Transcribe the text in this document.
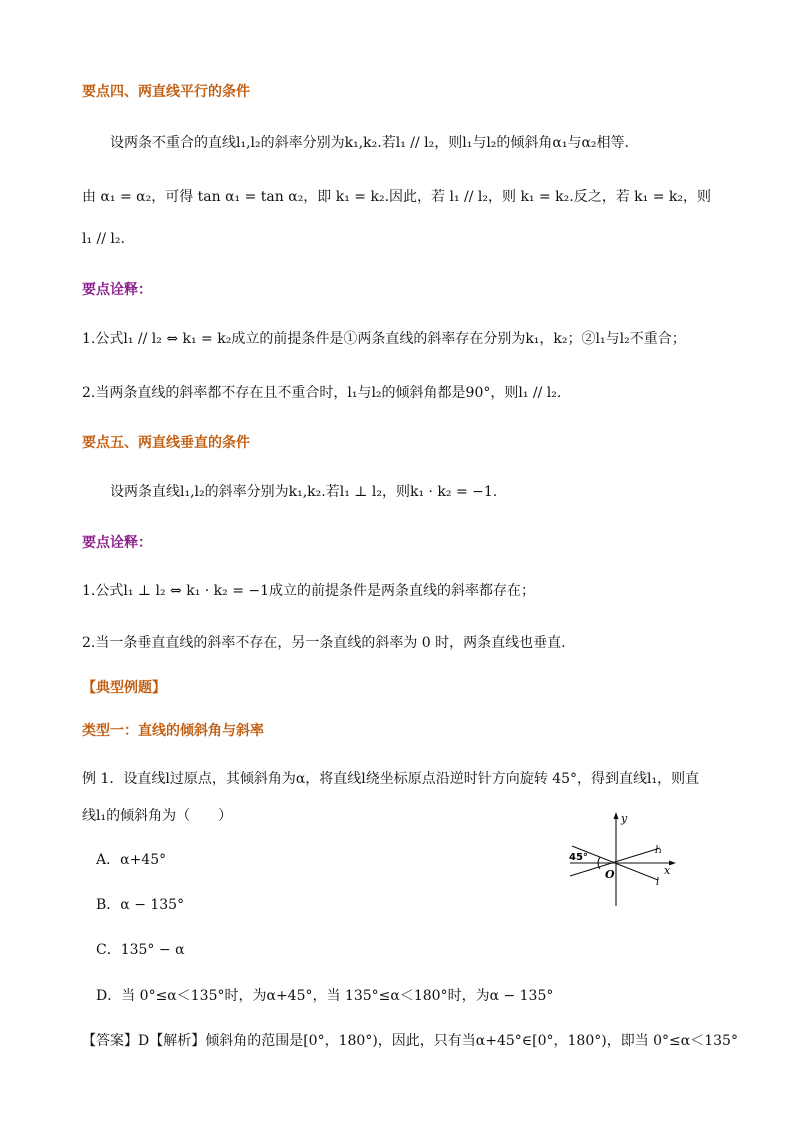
要点四、两直线平行的条件
设两条不重合的直线l₁,l₂的斜率分别为k₁,k₂.若l₁ // l₂，则l₁与l₂的倾斜角α₁与α₂相等.
由 α₁ = α₂，可得 tan α₁ = tan α₂，即 k₁ = k₂.因此，若 l₁ // l₂，则 k₁ = k₂.反之，若 k₁ = k₂，则
l₁ // l₂.
要点诠释：
1.公式l₁ // l₂ ⇔ k₁ = k₂成立的前提条件是①两条直线的斜率存在分别为k₁，k₂；②l₁与l₂不重合；
2.当两条直线的斜率都不存在且不重合时，l₁与l₂的倾斜角都是90°，则l₁ // l₂.
要点五、两直线垂直的条件
设两条直线l₁,l₂的斜率分别为k₁,k₂.若l₁ ⊥ l₂，则k₁ · k₂ = −1.
要点诠释：
1.公式l₁ ⊥ l₂ ⇔ k₁ · k₂ = −1成立的前提条件是两条直线的斜率都存在；
2.当一条垂直直线的斜率不存在，另一条直线的斜率为 0 时，两条直线也垂直.
【典型例题】
类型一：直线的倾斜角与斜率
例 1．设直线l过原点，其倾斜角为α，将直线l绕坐标原点沿逆时针方向旋转 45°，得到直线l₁，则直
线l₁的倾斜角为（　　）
A．α+45°
B．α − 135°
C．135° − α
D．当 0°≤α＜135°时，为α+45°，当 135°≤α＜180°时，为α − 135°
【答案】D【解析】倾斜角的范围是[0°，180°)，因此，只有当α+45°∈[0°，180°)，即当 0°≤α＜135°
y
x
O
l₁
l
45°
